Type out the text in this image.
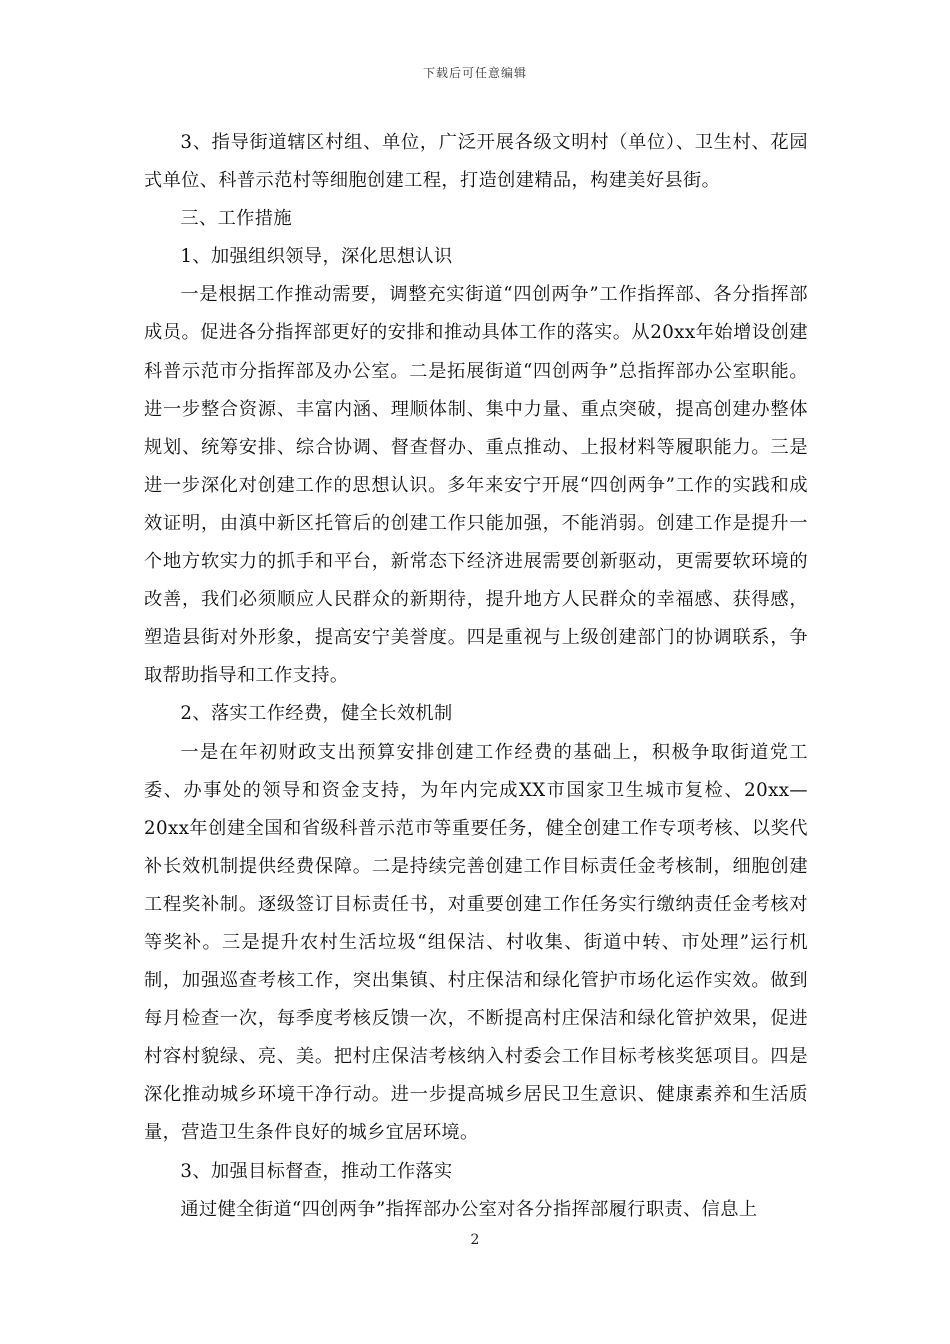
下载后可任意编辑

3、指导街道辖区村组、单位，广泛开展各级文明村（单位）、卫生村、花园式单位、科普示范村等细胞创建工程，打造创建精品，构建美好县街。

三、工作措施

1、加强组织领导，深化思想认识

一是根据工作推动需要，调整充实街道“四创两争”工作指挥部、各分指挥部成员。促进各分指挥部更好的安排和推动具体工作的落实。从20xx年始增设创建科普示范市分指挥部及办公室。二是拓展街道“四创两争”总指挥部办公室职能。进一步整合资源、丰富内涵、理顺体制、集中力量、重点突破，提高创建办整体规划、统筹安排、综合协调、督查督办、重点推动、上报材料等履职能力。三是进一步深化对创建工作的思想认识。多年来安宁开展“四创两争”工作的实践和成效证明，由滇中新区托管后的创建工作只能加强，不能消弱。创建工作是提升一个地方软实力的抓手和平台，新常态下经济进展需要创新驱动，更需要软环境的改善，我们必须顺应人民群众的新期待，提升地方人民群众的幸福感、获得感，塑造县街对外形象，提高安宁美誉度。四是重视与上级创建部门的协调联系，争取帮助指导和工作支持。

2、落实工作经费，健全长效机制

一是在年初财政支出预算安排创建工作经费的基础上，积极争取街道党工委、办事处的领导和资金支持，为年内完成XX市国家卫生城市复检、20xx—20xx年创建全国和省级科普示范市等重要任务，健全创建工作专项考核、以奖代补长效机制提供经费保障。二是持续完善创建工作目标责任金考核制，细胞创建工程奖补制。逐级签订目标责任书，对重要创建工作任务实行缴纳责任金考核对等奖补。三是提升农村生活垃圾“组保洁、村收集、街道中转、市处理”运行机制，加强巡查考核工作，突出集镇、村庄保洁和绿化管护市场化运作实效。做到每月检查一次，每季度考核反馈一次，不断提高村庄保洁和绿化管护效果，促进村容村貌绿、亮、美。把村庄保洁考核纳入村委会工作目标考核奖惩项目。四是深化推动城乡环境干净行动。进一步提高城乡居民卫生意识、健康素养和生活质量，营造卫生条件良好的城乡宜居环境。

3、加强目标督查，推动工作落实

通过健全街道“四创两争”指挥部办公室对各分指挥部履行职责、信息上

2
